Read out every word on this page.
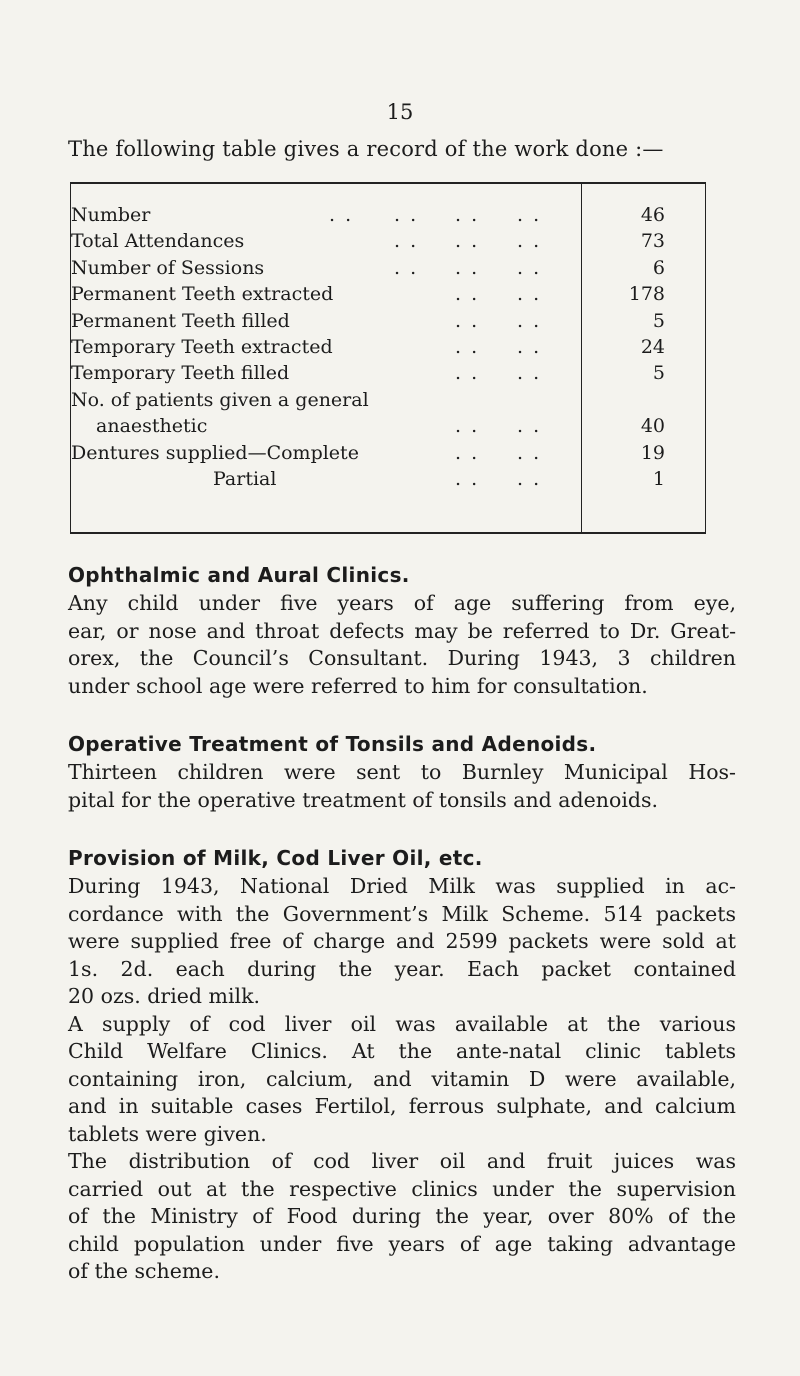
15
The following table gives a record of the work done :—
Number	. . . . . . . .	46
Total Attendances	. . . . . .	73
Number of Sessions	. . . . . .	6
Permanent Teeth extracted	. . . .	178
Permanent Teeth filled	. . . .	5
Temporary Teeth extracted	. . . .	24
Temporary Teeth filled	. . . .	5
No. of patients given a general
anaesthetic	. . . .	40
Dentures supplied—Complete	. . . .	19
Partial	. . . .	1
Ophthalmic and Aural Clinics.
Any child under five years of age suffering from eye,
ear, or nose and throat defects may be referred to Dr. Great-
orex, the Council’s Consultant. During 1943, 3 children
under school age were referred to him for consultation.
Operative Treatment of Tonsils and Adenoids.
Thirteen children were sent to Burnley Municipal Hos-
pital for the operative treatment of tonsils and adenoids.
Provision of Milk, Cod Liver Oil, etc.
During 1943, National Dried Milk was supplied in ac-
cordance with the Government’s Milk Scheme. 514 packets
were supplied free of charge and 2599 packets were sold at
1s. 2d. each during the year. Each packet contained
20 ozs. dried milk.
A supply of cod liver oil was available at the various
Child Welfare Clinics. At the ante-natal clinic tablets
containing iron, calcium, and vitamin D were available,
and in suitable cases Fertilol, ferrous sulphate, and calcium
tablets were given.
The distribution of cod liver oil and fruit juices was
carried out at the respective clinics under the supervision
of the Ministry of Food during the year, over 80% of the
child population under five years of age taking advantage
of the scheme.
